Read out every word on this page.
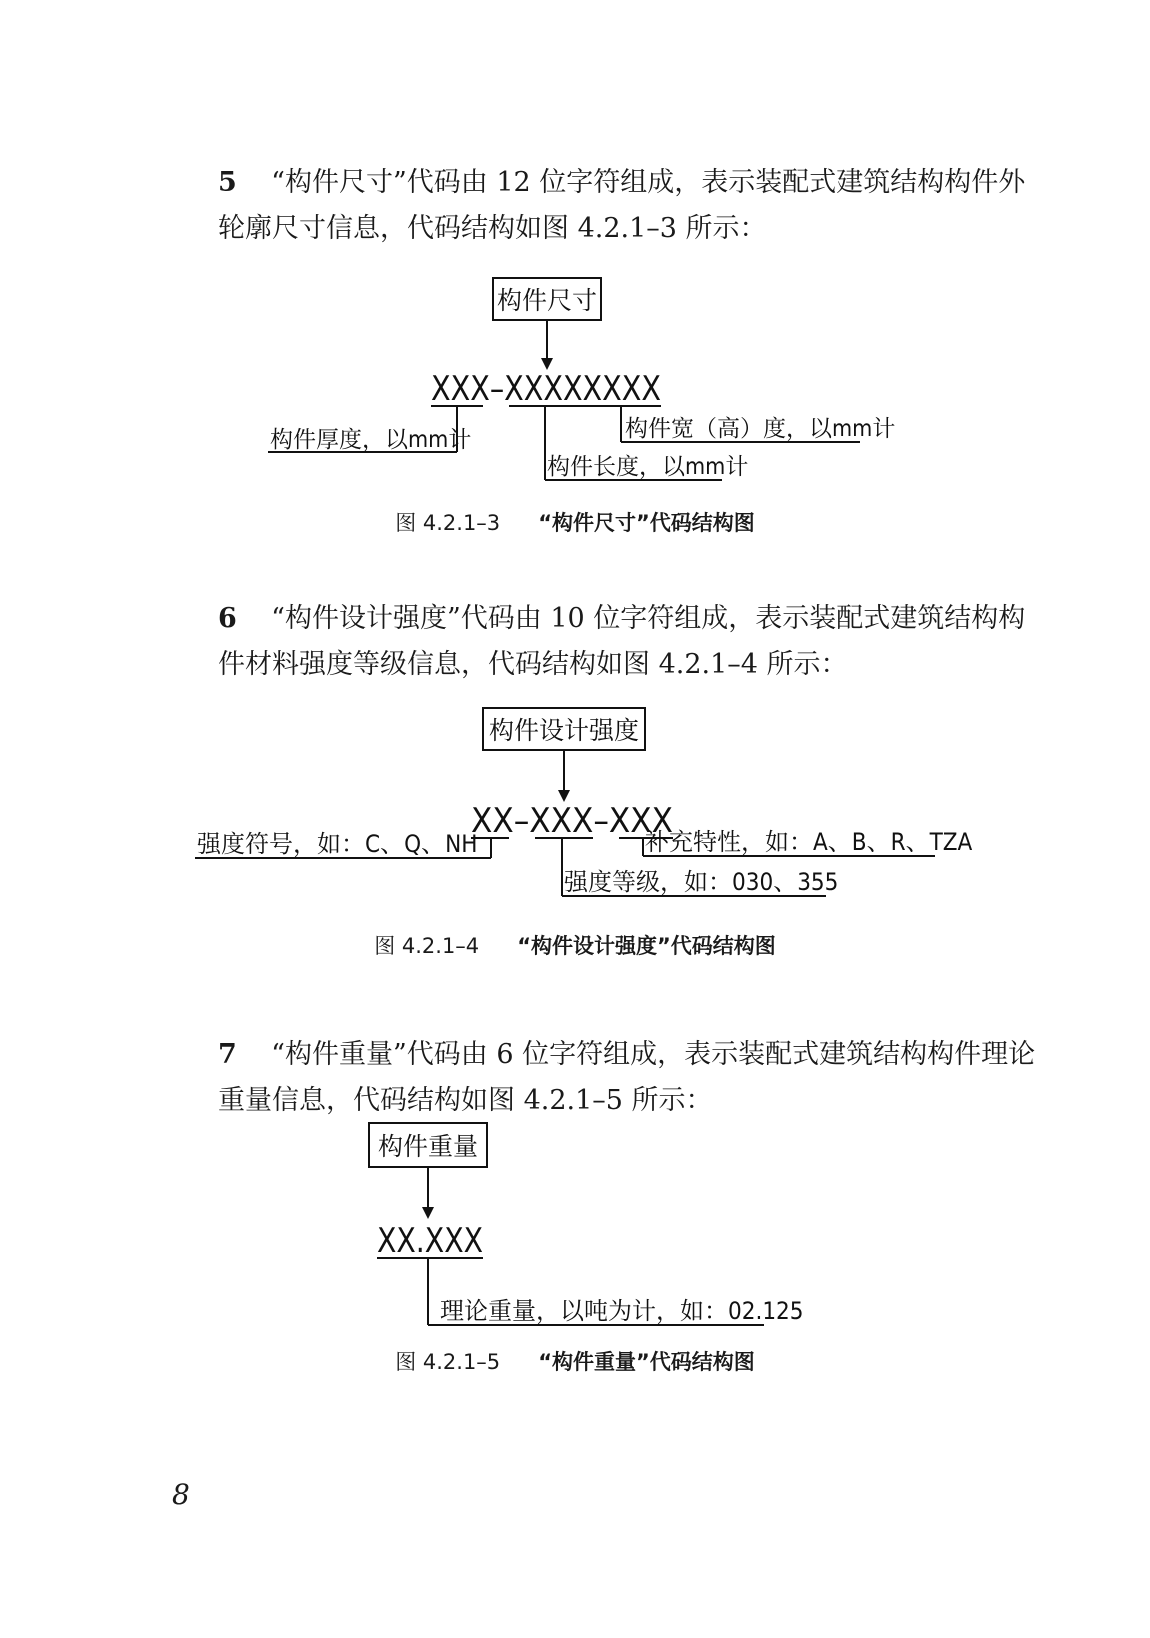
5 “构件尺寸”代码由 12 位字符组成，表示装配式建筑结构构件外轮廓尺寸信息，代码结构如图 4.2.1–3 所示：
构件尺寸
XXX–XXXXXXXX
构件厚度，以mm计
构件长度，以mm计
构件宽（高）度，以mm计
图 4.2.1–3 “构件尺寸”代码结构图
6 “构件设计强度”代码由 10 位字符组成，表示装配式建筑结构构件材料强度等级信息，代码结构如图 4.2.1–4 所示：
构件设计强度
XX–XXX–XXX
强度符号，如：C、Q、NH
强度等级，如：030、355
补充特性，如：A、B、R、TZA
图 4.2.1–4 “构件设计强度”代码结构图
7 “构件重量”代码由 6 位字符组成，表示装配式建筑结构构件理论重量信息，代码结构如图 4.2.1–5 所示：
构件重量
XX.XXX
理论重量，以吨为计，如：02.125
图 4.2.1–5 “构件重量”代码结构图
8
